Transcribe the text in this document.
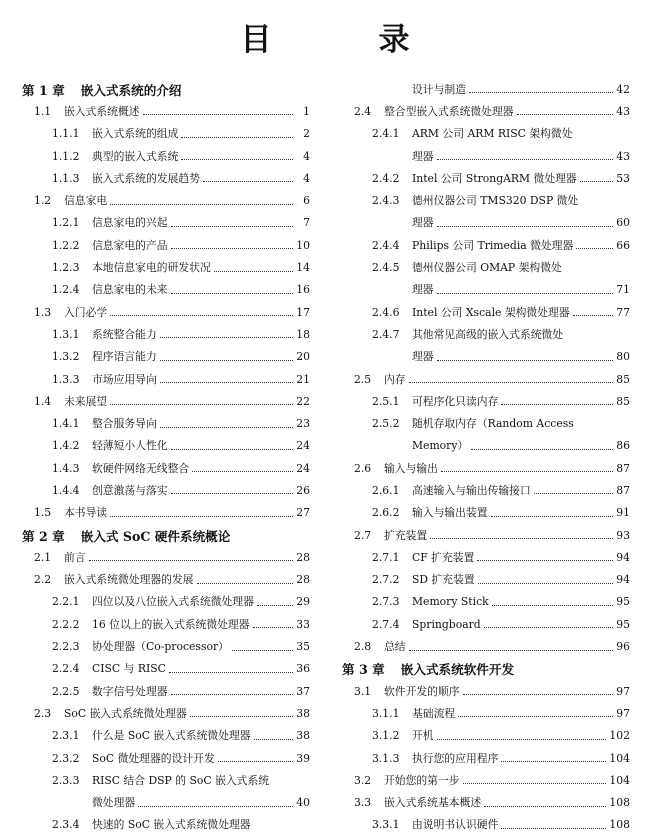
目　录
第 1 章 嵌入式系统的介绍
1.1	嵌入式系统概述	1
1.1.1	嵌入式系统的组成	2
1.1.2	典型的嵌入式系统	4
1.1.3	嵌入式系统的发展趋势	4
1.2	信息家电	6
1.2.1	信息家电的兴起	7
1.2.2	信息家电的产品	10
1.2.3	本地信息家电的研发状况	14
1.2.4	信息家电的未来	16
1.3	入门必学	17
1.3.1	系统整合能力	18
1.3.2	程序语言能力	20
1.3.3	市场应用导向	21
1.4	未来展望	22
1.4.1	整合服务导向	23
1.4.2	轻薄短小人性化	24
1.4.3	软硬件网络无线整合	24
1.4.4	创意激荡与落实	26
1.5	本书导读	27
第 2 章 嵌入式 SoC 硬件系统概论
2.1	前言	28
2.2	嵌入式系统微处理器的发展	28
2.2.1	四位以及八位嵌入式系统微处理器	29
2.2.2	16 位以上的嵌入式系统微处理器	33
2.2.3	协处理器（Co-processor）	35
2.2.4	CISC 与 RISC	36
2.2.5	数字信号处理器	37
2.3	SoC 嵌入式系统微处理器	38
2.3.1	什么是 SoC 嵌入式系统微处理器	38
2.3.2	SoC 微处理器的设计开发	39
2.3.3	RISC 结合 DSP 的 SoC 嵌入式系统
微处理器	40
2.3.4	快速的 SoC 嵌入式系统微处理器
设计与制造	42
2.4	整合型嵌入式系统微处理器	43
2.4.1	ARM 公司 ARM RISC 架构微处
理器	43
2.4.2	Intel 公司 StrongARM 微处理器	53
2.4.3	德州仪器公司 TMS320 DSP 微处
理器	60
2.4.4	Philips 公司 Trimedia 微处理器	66
2.4.5	德州仪器公司 OMAP 架构微处
理器	71
2.4.6	Intel 公司 Xscale 架构微处理器	77
2.4.7	其他常见高级的嵌入式系统微处
理器	80
2.5	内存	85
2.5.1	可程序化只读内存	85
2.5.2	随机存取内存（Random Access
Memory）	86
2.6	输入与输出	87
2.6.1	高速输入与输出传输接口	87
2.6.2	输入与输出装置	91
2.7	扩充装置	93
2.7.1	CF 扩充装置	94
2.7.2	SD 扩充装置	94
2.7.3	Memory Stick	95
2.7.4	Springboard	95
2.8	总结	96
第 3 章 嵌入式系统软件开发
3.1	软件开发的顺序	97
3.1.1	基础流程	97
3.1.2	开机	102
3.1.3	执行您的应用程序	104
3.2	开始您的第一步	104
3.3	嵌入式系统基本概述	108
3.3.1	由说明书认识硬件	108
